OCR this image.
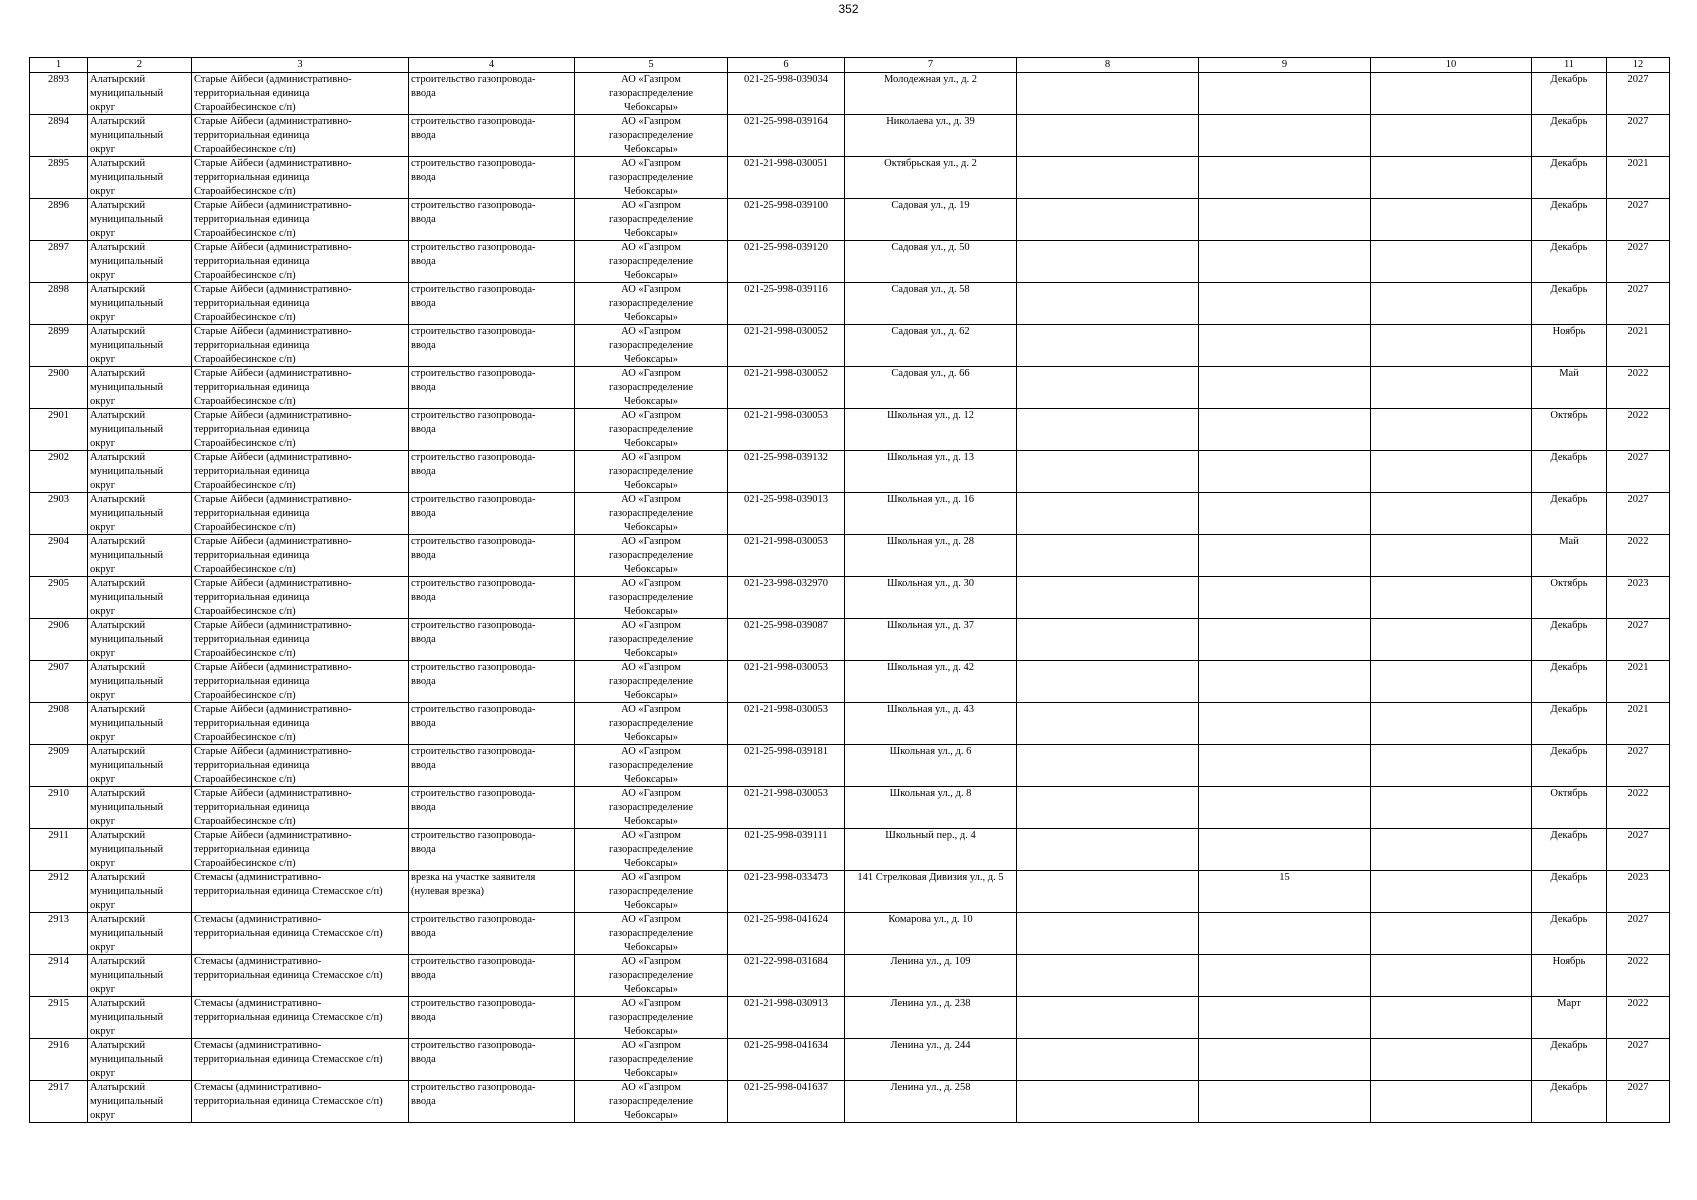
352
1	2	3	4	5	6	7	8	9	10	11	12

2893	Алатырский
муниципальный
округ	Старые Айбеси (административно-
территориальная единица
Староайбесинское с/п)	строительство газопровода-
ввода	АО «Газпром
газораспределение
Чебоксары»	021-25-998-039034	Молодежная ул., д. 2				Декабрь	2027

2894	Алатырский
муниципальный
округ	Старые Айбеси (административно-
территориальная единица
Староайбесинское с/п)	строительство газопровода-
ввода	АО «Газпром
газораспределение
Чебоксары»	021-25-998-039164	Николаева ул., д. 39				Декабрь	2027

2895	Алатырский
муниципальный
округ	Старые Айбеси (административно-
территориальная единица
Староайбесинское с/п)	строительство газопровода-
ввода	АО «Газпром
газораспределение
Чебоксары»	021-21-998-030051	Октябрьская ул., д. 2				Декабрь	2021

2896	Алатырский
муниципальный
округ	Старые Айбеси (административно-
территориальная единица
Староайбесинское с/п)	строительство газопровода-
ввода	АО «Газпром
газораспределение
Чебоксары»	021-25-998-039100	Садовая ул., д. 19				Декабрь	2027

2897	Алатырский
муниципальный
округ	Старые Айбеси (административно-
территориальная единица
Староайбесинское с/п)	строительство газопровода-
ввода	АО «Газпром
газораспределение
Чебоксары»	021-25-998-039120	Садовая ул., д. 50				Декабрь	2027

2898	Алатырский
муниципальный
округ	Старые Айбеси (административно-
территориальная единица
Староайбесинское с/п)	строительство газопровода-
ввода	АО «Газпром
газораспределение
Чебоксары»	021-25-998-039116	Садовая ул., д. 58				Декабрь	2027

2899	Алатырский
муниципальный
округ	Старые Айбеси (административно-
территориальная единица
Староайбесинское с/п)	строительство газопровода-
ввода	АО «Газпром
газораспределение
Чебоксары»	021-21-998-030052	Садовая ул., д. 62				Ноябрь	2021

2900	Алатырский
муниципальный
округ	Старые Айбеси (административно-
территориальная единица
Староайбесинское с/п)	строительство газопровода-
ввода	АО «Газпром
газораспределение
Чебоксары»	021-21-998-030052	Садовая ул., д. 66				Май	2022

2901	Алатырский
муниципальный
округ	Старые Айбеси (административно-
территориальная единица
Староайбесинское с/п)	строительство газопровода-
ввода	АО «Газпром
газораспределение
Чебоксары»	021-21-998-030053	Школьная ул., д. 12				Октябрь	2022

2902	Алатырский
муниципальный
округ	Старые Айбеси (административно-
территориальная единица
Староайбесинское с/п)	строительство газопровода-
ввода	АО «Газпром
газораспределение
Чебоксары»	021-25-998-039132	Школьная ул., д. 13				Декабрь	2027

2903	Алатырский
муниципальный
округ	Старые Айбеси (административно-
территориальная единица
Староайбесинское с/п)	строительство газопровода-
ввода	АО «Газпром
газораспределение
Чебоксары»	021-25-998-039013	Школьная ул., д. 16				Декабрь	2027

2904	Алатырский
муниципальный
округ	Старые Айбеси (административно-
территориальная единица
Староайбесинское с/п)	строительство газопровода-
ввода	АО «Газпром
газораспределение
Чебоксары»	021-21-998-030053	Школьная ул., д. 28				Май	2022

2905	Алатырский
муниципальный
округ	Старые Айбеси (административно-
территориальная единица
Староайбесинское с/п)	строительство газопровода-
ввода	АО «Газпром
газораспределение
Чебоксары»	021-23-998-032970	Школьная ул., д. 30				Октябрь	2023

2906	Алатырский
муниципальный
округ	Старые Айбеси (административно-
территориальная единица
Староайбесинское с/п)	строительство газопровода-
ввода	АО «Газпром
газораспределение
Чебоксары»	021-25-998-039087	Школьная ул., д. 37				Декабрь	2027

2907	Алатырский
муниципальный
округ	Старые Айбеси (административно-
территориальная единица
Староайбесинское с/п)	строительство газопровода-
ввода	АО «Газпром
газораспределение
Чебоксары»	021-21-998-030053	Школьная ул., д. 42				Декабрь	2021

2908	Алатырский
муниципальный
округ	Старые Айбеси (административно-
территориальная единица
Староайбесинское с/п)	строительство газопровода-
ввода	АО «Газпром
газораспределение
Чебоксары»	021-21-998-030053	Школьная ул., д. 43				Декабрь	2021

2909	Алатырский
муниципальный
округ	Старые Айбеси (административно-
территориальная единица
Староайбесинское с/п)	строительство газопровода-
ввода	АО «Газпром
газораспределение
Чебоксары»	021-25-998-039181	Школьная ул., д. 6				Декабрь	2027

2910	Алатырский
муниципальный
округ	Старые Айбеси (административно-
территориальная единица
Староайбесинское с/п)	строительство газопровода-
ввода	АО «Газпром
газораспределение
Чебоксары»	021-21-998-030053	Школьная ул., д. 8				Октябрь	2022

2911	Алатырский
муниципальный
округ	Старые Айбеси (административно-
территориальная единица
Староайбесинское с/п)	строительство газопровода-
ввода	АО «Газпром
газораспределение
Чебоксары»	021-25-998-039111	Школьный пер., д. 4				Декабрь	2027

2912	Алатырский
муниципальный
округ	Стемасы (административно-
территориальная единица Стемасское с/п)	врезка на участке заявителя
(нулевая врезка)	АО «Газпром
газораспределение
Чебоксары»	021-23-998-033473	141 Стрелковая Дивизия ул., д. 5		15		Декабрь	2023

2913	Алатырский
муниципальный
округ	Стемасы (административно-
территориальная единица Стемасское с/п)	строительство газопровода-
ввода	АО «Газпром
газораспределение
Чебоксары»	021-25-998-041624	Комарова ул., д. 10				Декабрь	2027

2914	Алатырский
муниципальный
округ	Стемасы (административно-
территориальная единица Стемасское с/п)	строительство газопровода-
ввода	АО «Газпром
газораспределение
Чебоксары»	021-22-998-031684	Ленина ул., д. 109				Ноябрь	2022

2915	Алатырский
муниципальный
округ	Стемасы (административно-
территориальная единица Стемасское с/п)	строительство газопровода-
ввода	АО «Газпром
газораспределение
Чебоксары»	021-21-998-030913	Ленина ул., д. 238				Март	2022

2916	Алатырский
муниципальный
округ	Стемасы (административно-
территориальная единица Стемасское с/п)	строительство газопровода-
ввода	АО «Газпром
газораспределение
Чебоксары»	021-25-998-041634	Ленина ул., д. 244				Декабрь	2027

2917	Алатырский
муниципальный
округ	Стемасы (административно-
территориальная единица Стемасское с/п)	строительство газопровода-
ввода	АО «Газпром
газораспределение
Чебоксары»	021-25-998-041637	Ленина ул., д. 258				Декабрь	2027
